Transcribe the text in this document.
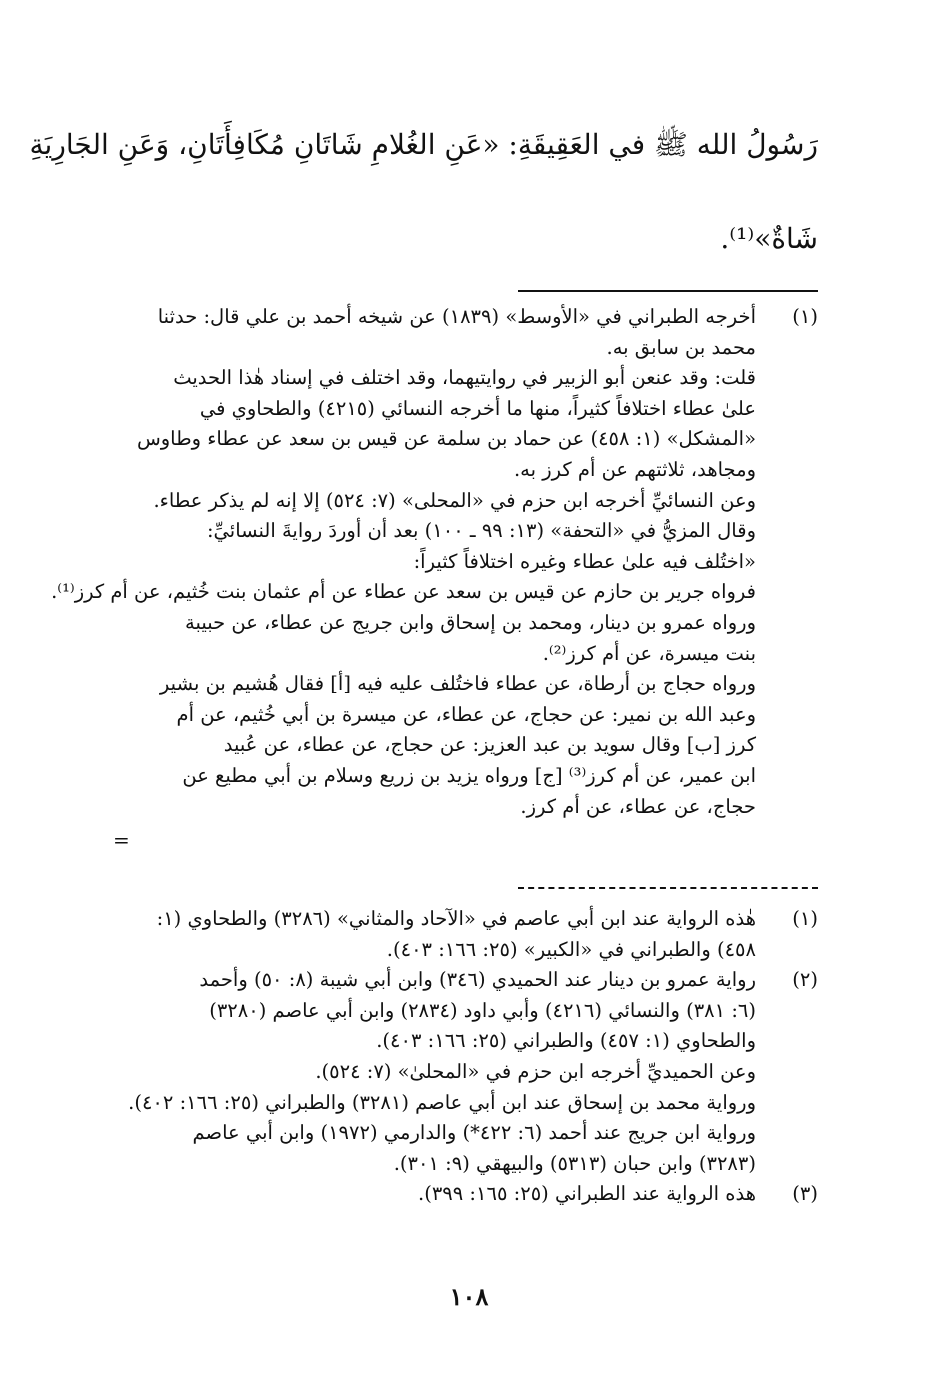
رَسُولُ الله ﷺ في العَقِيقَةِ: «عَنِ الغُلامِ شَاتَانِ مُكَافِأَتَانِ، وَعَنِ الجَارِيَةِ
شَاةٌ»⁽¹⁾.
(١)أخرجه الطبراني في «الأوسط» (١٨٣٩) عن شيخه أحمد بن علي قال: حدثنا
محمد بن سابق به.
قلت: وقد عنعن أبو الزبير في روايتيهما، وقد اختلف في إسناد هٰذا الحديث
علىٰ عطاء اختلافاً كثيراً، منها ما أخرجه النسائي (٤٢١٥) والطحاوي في
«المشكل» (١: ٤٥٨) عن حماد بن سلمة عن قيس بن سعد عن عطاء وطاوس
ومجاهد، ثلاثتهم عن أم كرز به.
وعن النسائيِّ أخرجه ابن حزم في «المحلى» (٧: ٥٢٤) إلا إنه لم يذكر عطاء.
وقال المزيُّ في «التحفة» (١٣: ٩٩ ـ ١٠٠) بعد أن أوردَ روايةَ النسائيِّ:
«اختُلف فيه علىٰ عطاء وغيره اختلافاً كثيراً:
فرواه جرير بن حازم عن قيس بن سعد عن عطاء عن أم عثمان بنت خُثيم، عن أم كرز⁽¹⁾.
ورواه عمرو بن دينار، ومحمد بن إسحاق وابن جريج عن عطاء، عن حبيبة
بنت ميسرة، عن أم كرز⁽²⁾.
ورواه حجاج بن أرطاة، عن عطاء فاختُلف عليه فيه [أ] فقال هُشيم بن بشير
وعبد الله بن نمير: عن حجاج، عن عطاء، عن ميسرة بن أبي خُثيم، عن أم
كرز [ب] وقال سويد بن عبد العزيز: عن حجاج، عن عطاء، عن عُبيد
ابن عمير، عن أم كرز⁽³⁾ [ج] ورواه يزيد بن زريع وسلام بن أبي مطيع عن
حجاج، عن عطاء، عن أم كرز.
=
(١)هٰذه الرواية عند ابن أبي عاصم في «الآحاد والمثاني» (٣٢٨٦) والطحاوي (١:
٤٥٨) والطبراني في «الكبير» (٢٥: ١٦٦: ٤٠٣).
(٢)رواية عمرو بن دينار عند الحميدي (٣٤٦) وابن أبي شيبة (٨: ٥٠) وأحمد
(٦: ٣٨١) والنسائي (٤٢١٦) وأبي داود (٢٨٣٤) وابن أبي عاصم (٣٢٨٠)
والطحاوي (١: ٤٥٧) والطبراني (٢٥: ١٦٦: ٤٠٣).
وعن الحميديِّ أخرجه ابن حزم في «المحلىٰ» (٧: ٥٢٤).
ورواية محمد بن إسحاق عند ابن أبي عاصم (٣٢٨١) والطبراني (٢٥: ١٦٦: ٤٠٢).
ورواية ابن جريج عند أحمد (٦: ٤٢٢*) والدارمي (١٩٧٢) وابن أبي عاصم
(٣٢٨٣) وابن حبان (٥٣١٣) والبيهقي (٩: ٣٠١).
(٣)هذه الرواية عند الطبراني (٢٥: ١٦٥: ٣٩٩).
١٠٨
